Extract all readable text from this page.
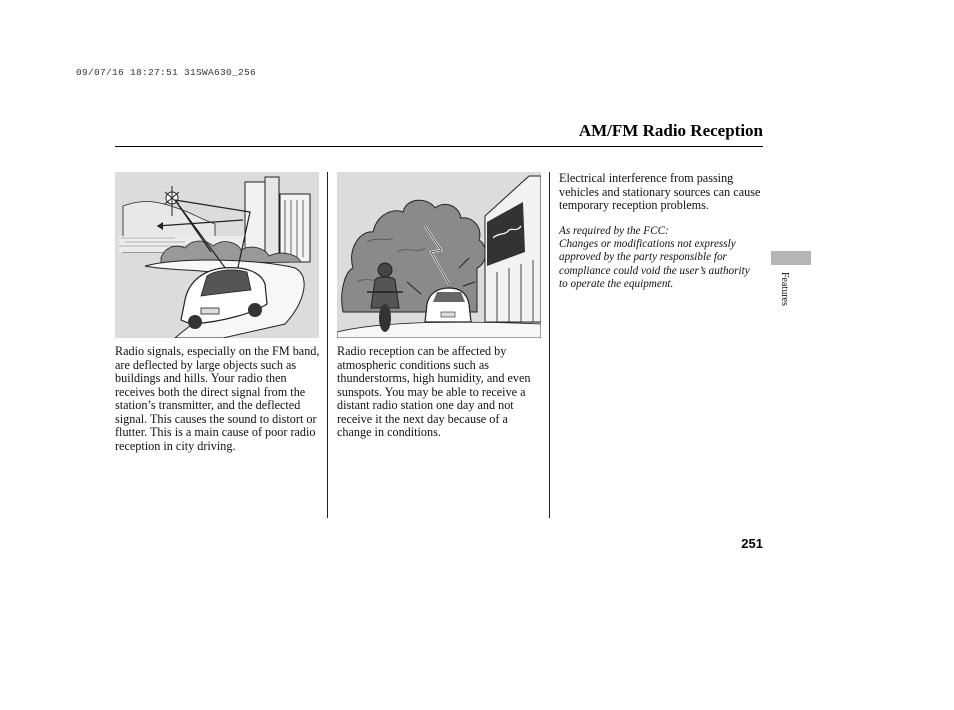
09/07/16 18:27:51 31SWA630_256
AM/FM Radio Reception

Radio signals, especially on the FM band, are deflected by large objects such as buildings and hills. Your radio then receives both the direct signal from the station’s transmitter, and the deflected signal. This causes the sound to distort or flutter. This is a main cause of poor radio reception in city driving.

Radio reception can be affected by atmospheric conditions such as thunderstorms, high humidity, and even sunspots. You may be able to receive a distant radio station one day and not receive it the next day because of a change in conditions.

Electrical interference from passing vehicles and stationary sources can cause temporary reception problems.

As required by the FCC:

Changes or modifications not expressly approved by the party responsible for compliance could void the user’s authority to operate the equipment.	Features
251
